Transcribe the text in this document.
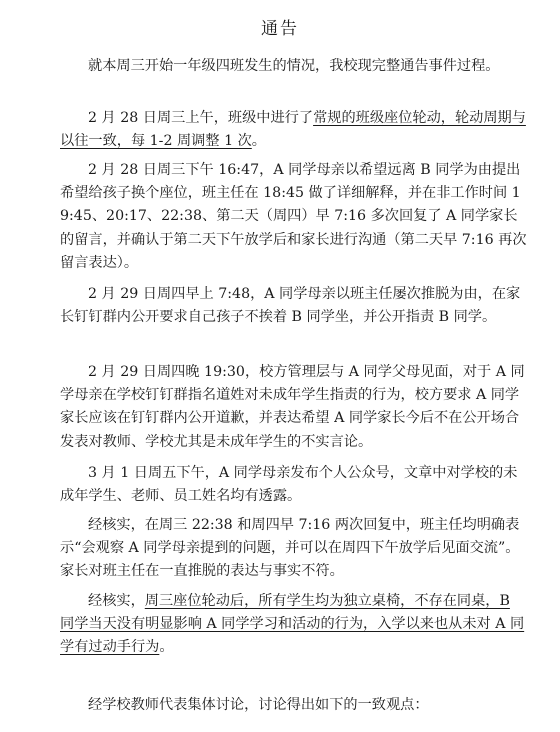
通告
就本周三开始一年级四班发生的情况，我校现完整通告事件过程。
2 月 28 日周三上午，班级中进行了常规的班级座位轮动，轮动周期与以往一致，每 1-2 周调整 1 次。
2 月 28 日周三下午 16:47，A 同学母亲以希望远离 B 同学为由提出希望给孩子换个座位，班主任在 18:45 做了详细解释，并在非工作时间 19:45、20:17、22:38、第二天（周四）早 7:16 多次回复了 A 同学家长的留言，并确认于第二天下午放学后和家长进行沟通（第二天早 7:16 再次留言表达）。
2 月 29 日周四早上 7:48，A 同学母亲以班主任屡次推脱为由，在家长钉钉群内公开要求自己孩子不挨着 B 同学坐，并公开指责 B 同学。
2 月 29 日周四晚 19:30，校方管理层与 A 同学父母见面，对于 A 同学母亲在学校钉钉群指名道姓对未成年学生指责的行为，校方要求 A 同学家长应该在钉钉群内公开道歉，并表达希望 A 同学家长今后不在公开场合发表对教师、学校尤其是未成年学生的不实言论。
3 月 1 日周五下午，A 同学母亲发布个人公众号，文章中对学校的未成年学生、老师、员工姓名均有透露。
经核实，在周三 22:38 和周四早 7:16 两次回复中，班主任均明确表示“会观察 A 同学母亲提到的问题，并可以在周四下午放学后见面交流”。家长对班主任在一直推脱的表达与事实不符。
经核实，周三座位轮动后，所有学生均为独立桌椅，不存在同桌，B 同学当天没有明显影响 A 同学学习和活动的行为，入学以来也从未对 A 同学有过动手行为。
经学校教师代表集体讨论，讨论得出如下的一致观点：
